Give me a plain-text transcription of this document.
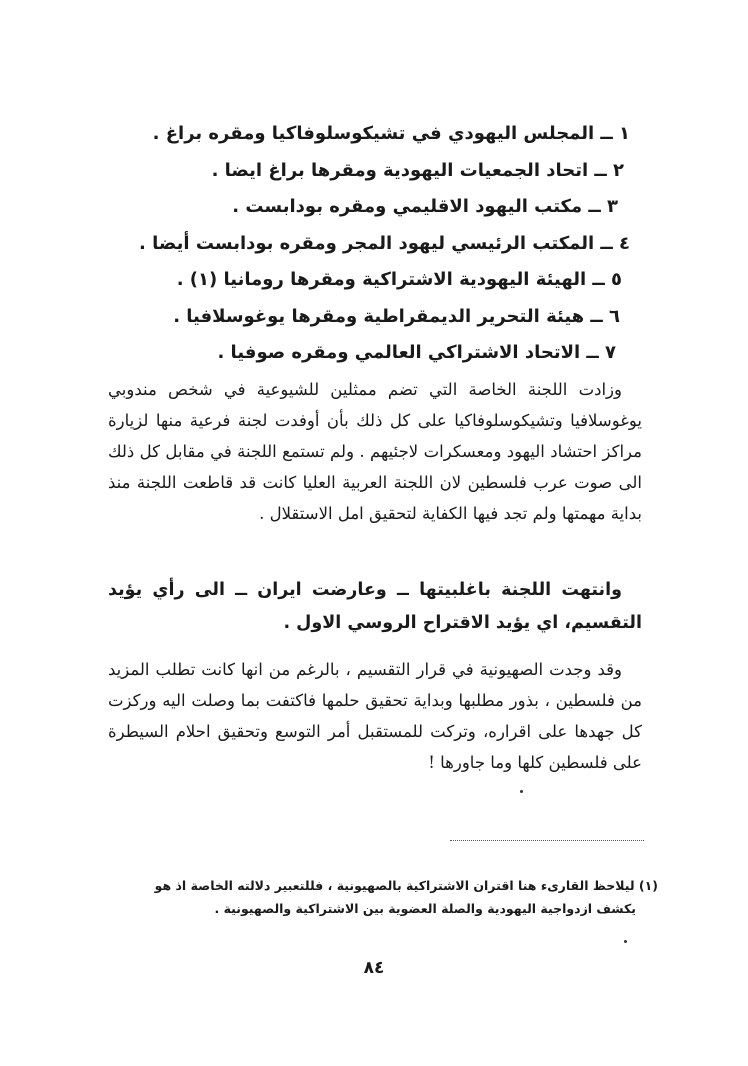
١ ــ المجلس اليهودي في تشيكوسلوفاكيا ومقره براغ .
٢ ــ اتحاد الجمعيات اليهودية ومقرها براغ ايضا .
٣ ــ مكتب اليهود الاقليمي ومقره بودابست .
٤ ــ المكتب الرئيسي ليهود المجر ومقره بودابست أيضا .
٥ ــ الهيئة اليهودية الاشتراكية ومقرها رومانيا (١) .
٦ ــ هيئة التحرير الديمقراطية ومقرها يوغوسلافيا .
٧ ــ الاتحاد الاشتراكي العالمي ومقره صوفيا .

وزادت اللجنة الخاصة التي تضم ممثلين للشيوعية في شخص مندوبي يوغوسلافيا وتشيكوسلوفاكيا على كل ذلك بأن أوفدت لجنة فرعية منها لزيارة مراكز احتشاد اليهود ومعسكرات لاجئيهم . ولم تستمع اللجنة في مقابل كل ذلك الى صوت عرب فلسطين لان اللجنة العربية العليا كانت قد قاطعت اللجنة منذ بداية مهمتها ولم تجد فيها الكفاية لتحقيق امل الاستقلال .

وانتهت اللجنة باغلبيتها ــ وعارضت ايران ــ الى رأي يؤيد التقسيم، اي يؤيد الاقتراح الروسي الاول .

وقد وجدت الصهيونية في قرار التقسيم ، بالرغم من انها كانت تطلب المزيد من فلسطين ، بذور مطلبها وبداية تحقيق حلمها فاكتفت بما وصلت اليه وركزت كل جهدها على اقراره، وتركت للمستقبل أمر التوسع وتحقيق احلام السيطرة على فلسطين كلها وما جاورها !

(١) ليلاحظ القارىء هنا اقتران الاشتراكية بالصهيونية ، فللتعبير دلالته الخاصة اذ هو
يكشف ازدواجية اليهودية والصلة العضوية بين الاشتراكية والصهيونية .

٨٤
